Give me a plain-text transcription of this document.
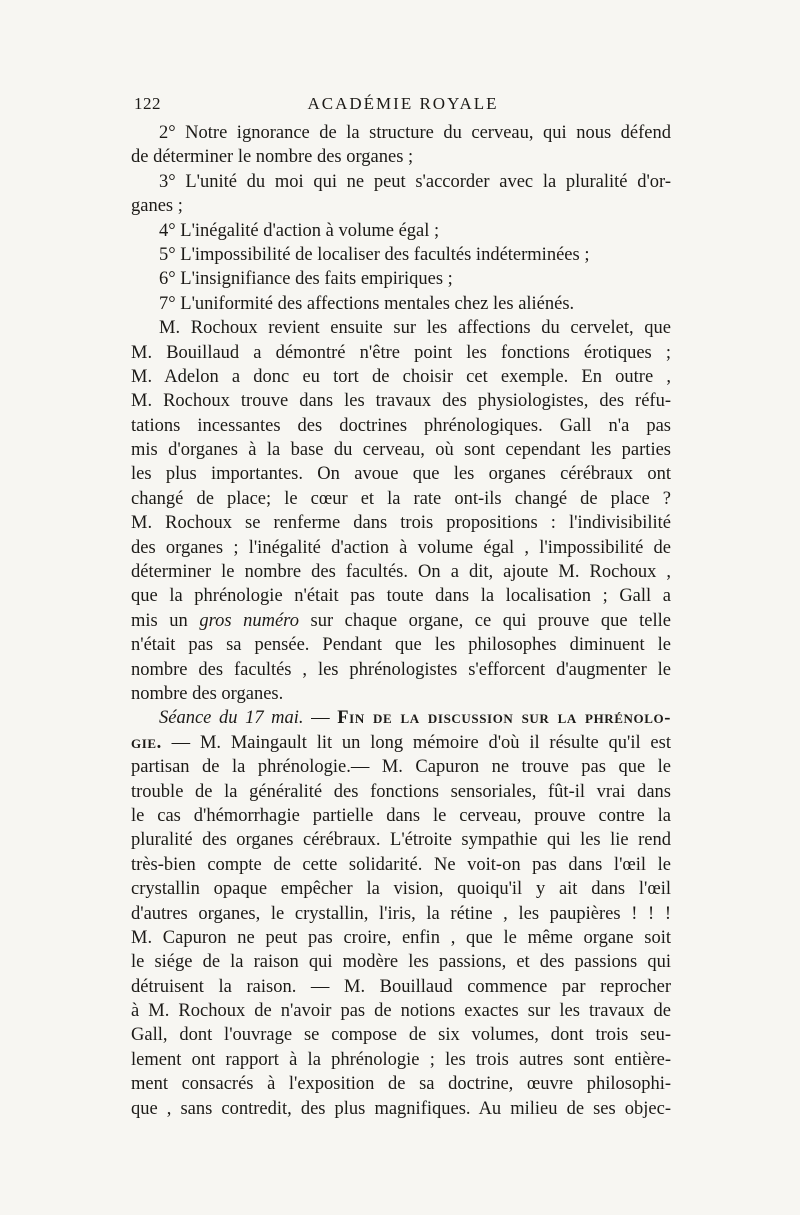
122	ACADÉMIE ROYALE
2° Notre ignorance de la structure du cerveau, qui nous défend
de déterminer le nombre des organes ;
3° L'unité du moi qui ne peut s'accorder avec la pluralité d'or-
ganes ;
4° L'inégalité d'action à volume égal ;
5° L'impossibilité de localiser des facultés indéterminées ;
6° L'insignifiance des faits empiriques ;
7° L'uniformité des affections mentales chez les aliénés.
M. Rochoux revient ensuite sur les affections du cervelet, que
M. Bouillaud a démontré n'être point les fonctions érotiques ;
M. Adelon a donc eu tort de choisir cet exemple. En outre ,
M. Rochoux trouve dans les travaux des physiologistes, des réfu-
tations incessantes des doctrines phrénologiques. Gall n'a pas
mis d'organes à la base du cerveau, où sont cependant les parties
les plus importantes. On avoue que les organes cérébraux ont
changé de place; le cœur et la rate ont-ils changé de place ?
M. Rochoux se renferme dans trois propositions : l'indivisibilité
des organes ; l'inégalité d'action à volume égal , l'impossibilité de
déterminer le nombre des facultés. On a dit, ajoute M. Rochoux ,
que la phrénologie n'était pas toute dans la localisation ; Gall a
mis un gros numéro sur chaque organe, ce qui prouve que telle
n'était pas sa pensée. Pendant que les philosophes diminuent le
nombre des facultés , les phrénologistes s'efforcent d'augmenter le
nombre des organes.
Séance du 17 mai. — Fin de la discussion sur la phrénolo-
gie. — M. Maingault lit un long mémoire d'où il résulte qu'il est
partisan de la phrénologie.— M. Capuron ne trouve pas que le
trouble de la généralité des fonctions sensoriales, fût-il vrai dans
le cas d'hémorrhagie partielle dans le cerveau, prouve contre la
pluralité des organes cérébraux. L'étroite sympathie qui les lie rend
très-bien compte de cette solidarité. Ne voit-on pas dans l'œil le
crystallin opaque empêcher la vision, quoiqu'il y ait dans l'œil
d'autres organes, le crystallin, l'iris, la rétine , les paupières ! ! !
M. Capuron ne peut pas croire, enfin , que le même organe soit
le siége de la raison qui modère les passions, et des passions qui
détruisent la raison. — M. Bouillaud commence par reprocher
à M. Rochoux de n'avoir pas de notions exactes sur les travaux de
Gall, dont l'ouvrage se compose de six volumes, dont trois seu-
lement ont rapport à la phrénologie ; les trois autres sont entière-
ment consacrés à l'exposition de sa doctrine, œuvre philosophi-
que , sans contredit, des plus magnifiques. Au milieu de ses objec-
